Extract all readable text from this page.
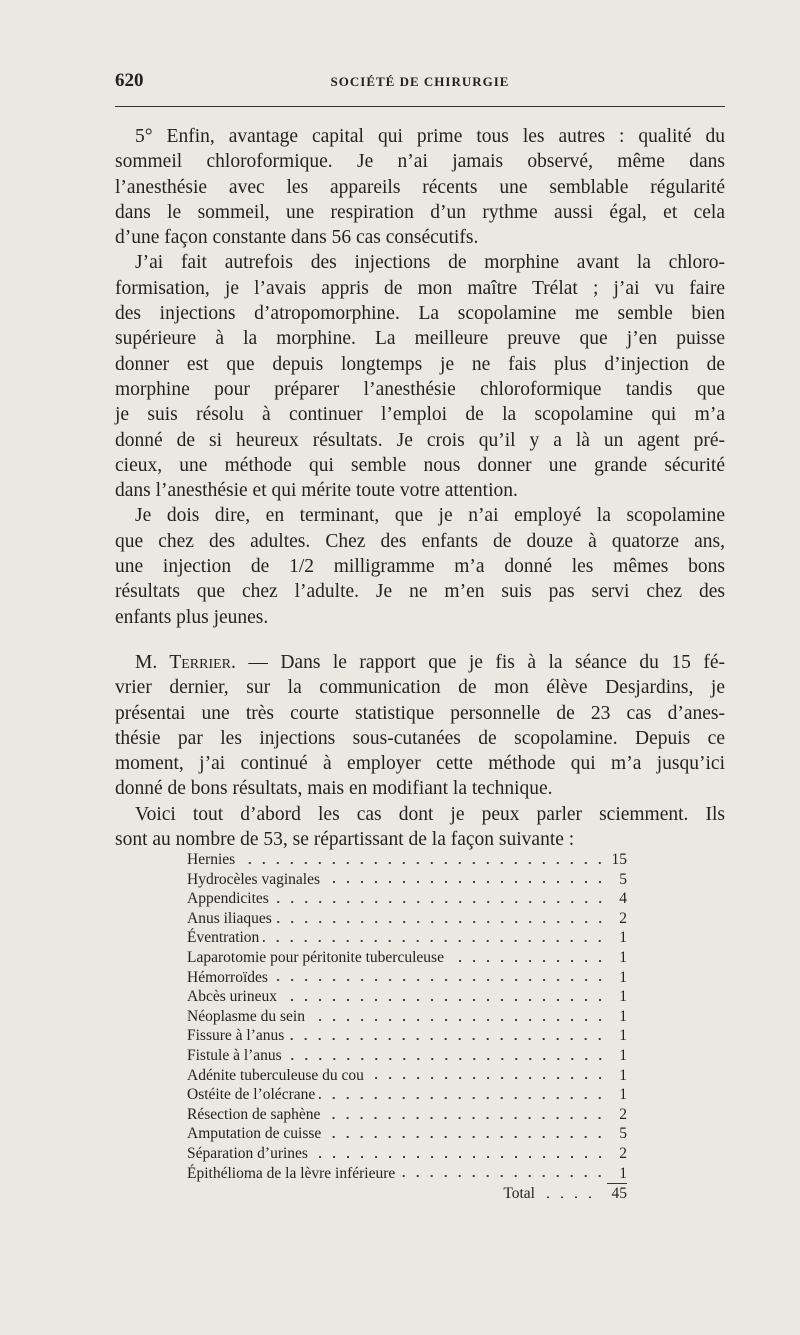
620	SOCIÉTÉ DE CHIRURGIE
5° Enfin, avantage capital qui prime tous les autres : qualité du
sommeil chloroformique. Je n’ai jamais observé, même dans
l’anesthésie avec les appareils récents une semblable régularité
dans le sommeil, une respiration d’un rythme aussi égal, et cela
d’une façon constante dans 56 cas consécutifs.
J’ai fait autrefois des injections de morphine avant la chloro-
formisation, je l’avais appris de mon maître Trélat ; j’ai vu faire
des injections d’atropomorphine. La scopolamine me semble bien
supérieure à la morphine. La meilleure preuve que j’en puisse
donner est que depuis longtemps je ne fais plus d’injection de
morphine pour préparer l’anesthésie chloroformique tandis que
je suis résolu à continuer l’emploi de la scopolamine qui m’a
donné de si heureux résultats. Je crois qu’il y a là un agent pré-
cieux, une méthode qui semble nous donner une grande sécurité
dans l’anesthésie et qui mérite toute votre attention.
Je dois dire, en terminant, que je n’ai employé la scopolamine
que chez des adultes. Chez des enfants de douze à quatorze ans,
une injection de 1/2 milligramme m’a donné les mêmes bons
résultats que chez l’adulte. Je ne m’en suis pas servi chez des
enfants plus jeunes.
M. Terrier. — Dans le rapport que je fis à la séance du 15 fé-
vrier dernier, sur la communication de mon élève Desjardins, je
présentai une très courte statistique personnelle de 23 cas d’anes-
thésie par les injections sous-cutanées de scopolamine. Depuis ce
moment, j’ai continué à employer cette méthode qui m’a jusqu’ici
donné de bons résultats, mais en modifiant la technique.
Voici tout d’abord les cas dont je peux parler sciemment. Ils
sont au nombre de 53, se répartissant de la façon suivante :
Hernies	15
Hydrocèles vaginales	5
Appendicites	4
Anus iliaques	2
Éventration	1
Laparotomie pour péritonite tuberculeuse	1
Hémorroïdes	1
Abcès urineux	1
Néoplasme du sein	1
Fissure à l’anus	1
Fistule à l’anus	1
Adénite tuberculeuse du cou	1
Ostéite de l’olécrane	1
Résection de saphène	2
Amputation de cuisse	5
Séparation d’urines	2
Épithélioma de la lèvre inférieure	1
Total	45
